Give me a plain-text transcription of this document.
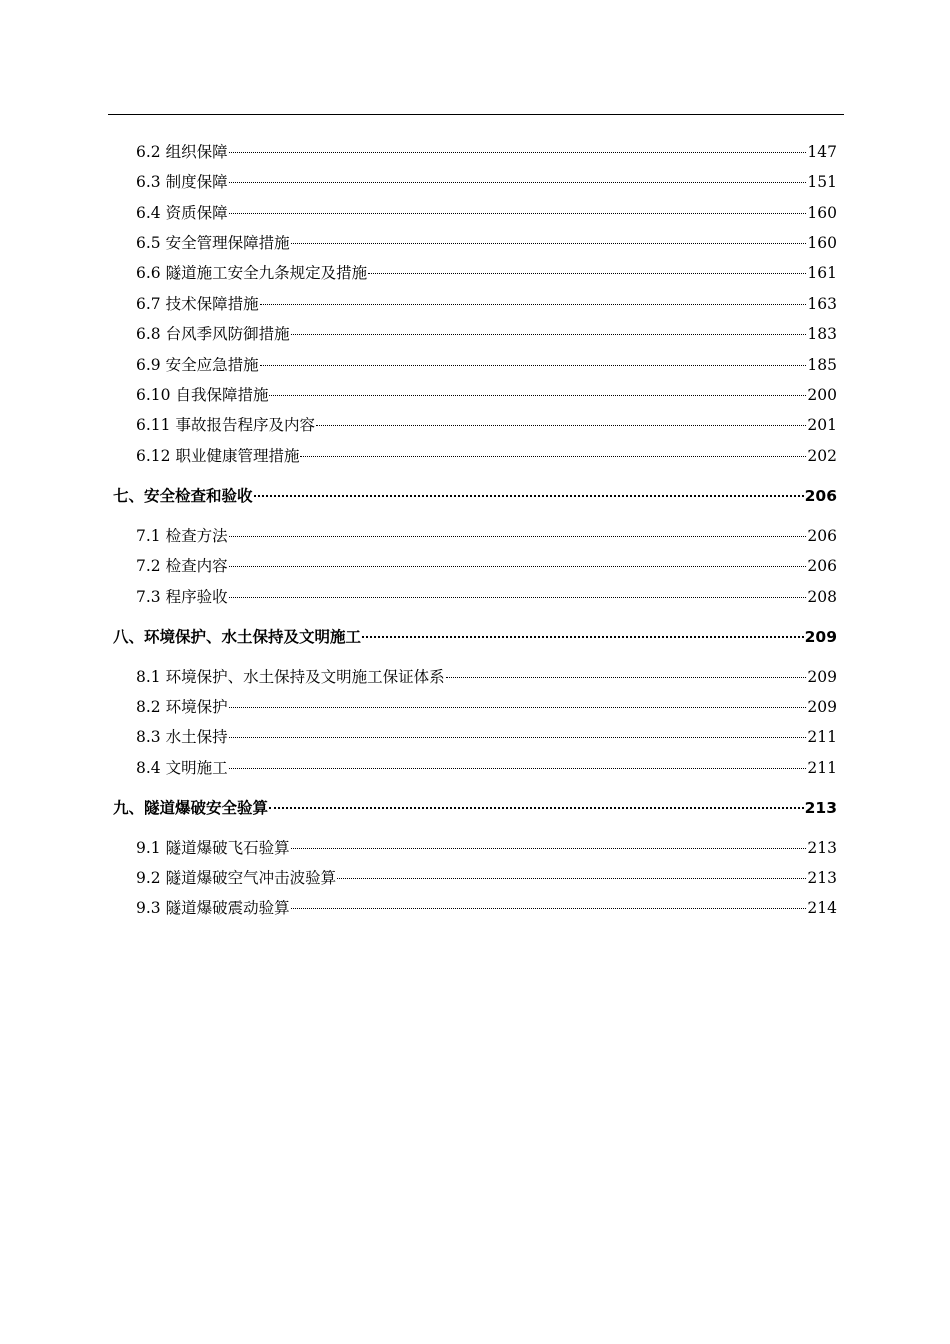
6.2 组织保障	147
6.3 制度保障	151
6.4 资质保障	160
6.5 安全管理保障措施	160
6.6 隧道施工安全九条规定及措施	161
6.7 技术保障措施	163
6.8 台风季风防御措施	183
6.9 安全应急措施	185
6.10 自我保障措施	200
6.11 事故报告程序及内容	201
6.12 职业健康管理措施	202
七、安全检查和验收	206
7.1 检查方法	206
7.2 检查内容	206
7.3 程序验收	208
八、环境保护、水土保持及文明施工	209
8.1 环境保护、水土保持及文明施工保证体系	209
8.2 环境保护	209
8.3 水土保持	211
8.4 文明施工	211
九、隧道爆破安全验算	213
9.1 隧道爆破飞石验算	213
9.2 隧道爆破空气冲击波验算	213
9.3 隧道爆破震动验算	214
